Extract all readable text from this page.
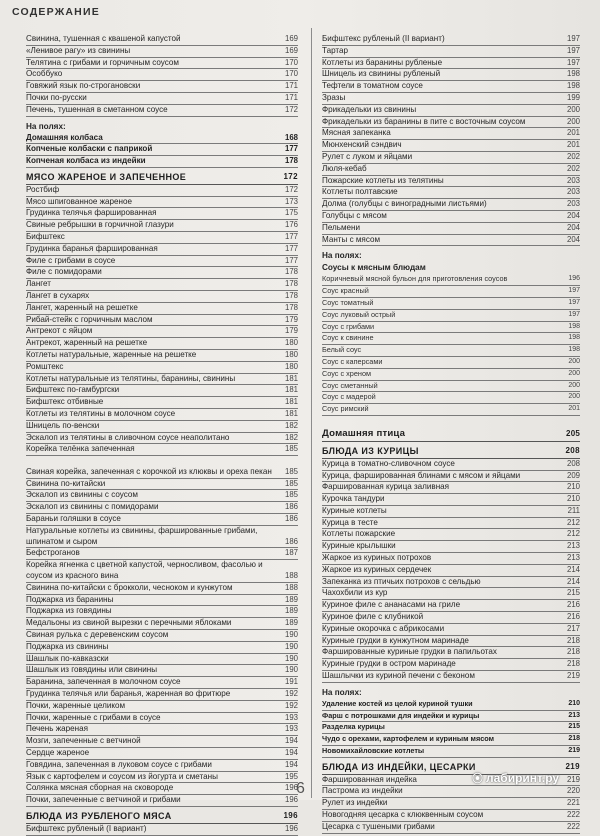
СОДЕРЖАНИЕ
Свинина, тушенная с квашеной капустой	169
«Ленивое рагу» из свинины	169
Телятина с грибами и горчичным соусом	170
Особбуко	170
Говяжий язык по-строгановски	171
Почки по-русски	171
Печень, тушенная в сметанном соусе	172
На полях:
Домашняя колбаса	168
Копченые колбаски с паприкой	177
Копченая колбаса из индейки	178
МЯСО ЖАРЕНОЕ И ЗАПЕЧЕННОЕ	172
Ростбиф	172
Мясо шпигованное жареное	173
Грудинка телячья фаршированная	175
Свиные ребрышки в горчичной глазури	176
Бифштекс	177
Грудинка баранья фаршированная	177
Филе с грибами в соусе	177
Филе с помидорами	178
Лангет	178
Лангет в сухарях	178
Лангет, жаренный на решетке	178
Рибай-стейк с горчичным маслом	179
Антрекот с яйцом	179
Антрекот, жаренный на решетке	180
Котлеты натуральные, жаренные на решетке	180
Ромштекс	180
Котлеты натуральные из телятины, баранины, свинины	181
Бифштекс по-гамбургски	181
Бифштекс отбивные	181
Котлеты из телятины в молочном соусе	181
Шницель по-венски	182
Эскалоп из телятины в сливочном соусе неаполитано	182
Корейка телёнка запеченная	185
Свиная корейка, запеченная с корочкой из клюквы и ореха пекан	185
Свинина по-китайски	185
Эскалоп из свинины с соусом	185
Эскалоп из свинины с помидорами	186
Бараньи голяшки в соусе	186
Натуральные котлеты из свинины, фаршированные грибами, шпинатом и сыром	186
Бефстроганов	187
Корейка ягненка с цветной капустой, черносливом, фасолью и соусом из красного вина	188
Свинина по-китайски с брокколи, чесноком и кунжутом	188
Поджарка из баранины	189
Поджарка из говядины	189
Медальоны из свиной вырезки с перечными яблоками	189
Свиная рулька с деревенским соусом	190
Поджарка из свинины	190
Шашлык по-кавказски	190
Шашлык из говядины или свинины	190
Баранина, запеченная в молочном соусе	191
Грудинка телячья или баранья, жаренная во фритюре	192
Почки, жаренные целиком	192
Почки, жаренные с грибами в соусе	193
Печень жареная	193
Мозги, запеченные с ветчиной	194
Сердце жареное	194
Говядина, запеченная в луковом соусе с грибами	194
Язык с картофелем и соусом из йогурта и сметаны	195
Солянка мясная сборная на сковороде	196
Почки, запеченные с ветчиной и грибами	196
БЛЮДА ИЗ РУБЛЕНОГО МЯСА	196
Бифштекс рубленый (I вариант)	196
Бифштекс рубленый (II вариант)	197
Тартар	197
Котлеты из баранины рубленые	197
Шницель из свинины рубленый	198
Тефтели в томатном соусе	198
Зразы	199
Фрикадельки из свинины	200
Фрикадельки из баранины в пите с восточным соусом	200
Мясная запеканка	201
Мюнхенский сэндвич	201
Рулет с луком и яйцами	202
Люля-кебаб	202
Пожарские котлеты из телятины	203
Котлеты полтавские	203
Долма (голубцы с виноградными листьями)	203
Голубцы с мясом	204
Пельмени	204
Манты с мясом	204
На полях:
Соусы к мясным блюдам
Коричневый мясной бульон для приготовления соусов	196
Соус красный	197
Соус томатный	197
Соус луковый острый	197
Соус с грибами	198
Соус к свинине	198
Белый соус	198
Соус с каперсами	200
Соус с хреном	200
Соус сметанный	200
Соус с мадерой	200
Соус римский	201
Домашняя птица	205
БЛЮДА ИЗ КУРИЦЫ	208
Курица в томатно-сливочном соусе	208
Курица, фаршированная блинами с мясом и яйцами	209
Фаршированная курица заливная	210
Курочка тандури	210
Куриные котлеты	211
Курица в тесте	212
Котлеты пожарские	212
Куриные крылышки	213
Жаркое из куриных потрохов	213
Жаркое из куриных сердечек	214
Запеканка из птичьих потрохов с сельдью	214
Чахохбили из кур	215
Куриное филе с ананасами на гриле	216
Куриное филе с клубникой	216
Куриные окорочка с абрикосами	217
Куриные грудки в кунжутном маринаде	218
Фаршированные куриные грудки в папильотах	218
Куриные грудки в остром маринаде	218
Шашлычки из куриной печени с беконом	219
На полях:
Удаление костей из целой куриной тушки	210
Фарш с потрошками для индейки и курицы	213
Разделка курицы	215
Чудо с орехами, картофелем и куриным мясом	218
Новомихайловские котлеты	219
БЛЮДА ИЗ ИНДЕЙКИ, ЦЕСАРКИ	219
Фаршированная индейка	219
Пастрома из индейки	220
Рулет из индейки	221
Новогодняя цесарка с клюквенным соусом	222
Цесарка с тушеными грибами	222
6
⦿ лабиринт.ру
